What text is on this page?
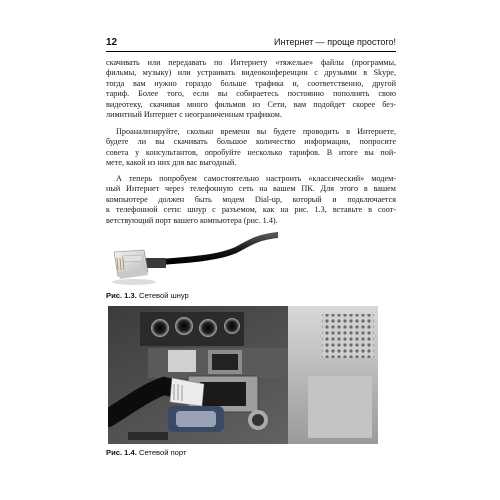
12	Интернет — проще простого!
скачивать или передавать по Интернету «тяжелые» файлы (программы,
фильмы, музыку) или устраивать видеоконференции с друзьями в Skype,
тогда вам нужно гораздо больше трафика и, соответственно, другой
тариф. Более того, если вы собираетесь постоянно пополнять свою
видеотеку, скачивая много фильмов из Сети, вам подойдет скорее без-
лимитный Интернет с неограниченным трафиком.
Проанализируйте, сколько времени вы будете проводить в Интернете,
будете ли вы скачивать большое количество информации, попросите
совета у консультантов, опробуйте несколько тарифов. В итоге вы пой-
мете, какой из них для вас выгодный.
А теперь попробуем самостоятельно настроить «классический» модем-
ный Интернет через телефонную сеть на вашем ПК. Для этого в вашем
компьютере должен быть модем Dial-up, который и подключается
к телефонной сети: шнур с разъемом, как на рис. 1.3, вставьте в соот-
ветствующий порт вашего компьютера (рис. 1.4).
Рис. 1.3. Сетевой шнур
Рис. 1.4. Сетевой порт
